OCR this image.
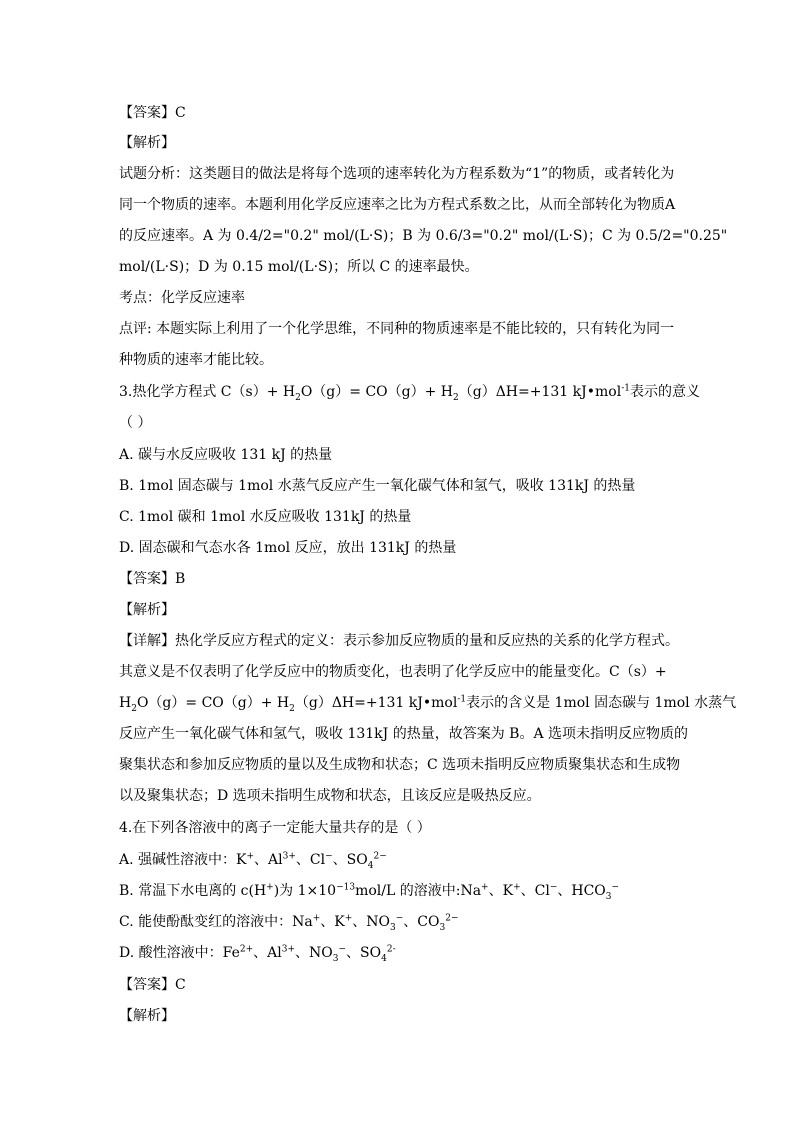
【答案】C
【解析】
试题分析：这类题目的做法是将每个选项的速率转化为方程系数为“1”的物质，或者转化为
同一个物质的速率。本题利用化学反应速率之比为方程式系数之比，从而全部转化为物质A
的反应速率。A 为 0.4/2="0.2" mol/(L·S)；B 为 0.6/3="0.2" mol/(L·S)；C 为 0.5/2="0.25"
mol/(L·S)；D 为 0.15 mol/(L·S)；所以 C 的速率最快。
考点：化学反应速率
点评: 本题实际上利用了一个化学思维，不同种的物质速率是不能比较的，只有转化为同一
种物质的速率才能比较。
3.热化学方程式 $C(s)+ H_2O(g)= CO(g)+ H_2(g)\Delta H=+131$ kJ•mol$^{-1}$表示的意义
（ ）
A. 碳与水反应吸收 131 kJ 的热量
B. 1mol 固态碳与 1mol 水蒸气反应产生一氧化碳气体和氢气，吸收 131kJ 的热量
C. 1mol 碳和 1mol 水反应吸收 131kJ 的热量
D. 固态碳和气态水各 1mol 反应，放出 131kJ 的热量
【答案】B
【解析】
【详解】热化学反应方程式的定义：表示参加反应物质的量和反应热的关系的化学方程式。
其意义是不仅表明了化学反应中的物质变化，也表明了化学反应中的能量变化。C（s）+
$H_2O(g)= CO(g)+ H_2(g)\Delta H=+131$ kJ•mol$^{-1}$表示的含义是 1mol 固态碳与 1mol 水蒸气
反应产生一氧化碳气体和氢气，吸收 131kJ 的热量，故答案为 B。A 选项未指明反应物质的
聚集状态和参加反应物质的量以及生成物和状态；C 选项未指明反应物质聚集状态和生成物
以及聚集状态；D 选项未指明生成物和状态，且该反应是吸热反应。
4.在下列各溶液中的离子一定能大量共存的是（ ）
A. 强碱性溶液中：K+、$Al^{3+}$、Cl−、$SO_4^{2-}$
B. 常温下水电离的 c(H+)为 $1\times 10^{-13}mol/L$ 的溶液中:Na+、K+、Cl−、$HCO_3^-$
C. 能使酚酞变红的溶液中：Na+、K+、$NO_3^-$、$CO_3^{2-}$
D. 酸性溶液中：$Fe^{2+}$、$Al^{3+}$、$NO_3^-$、$SO_4^{2-}$
【答案】C
【解析】
